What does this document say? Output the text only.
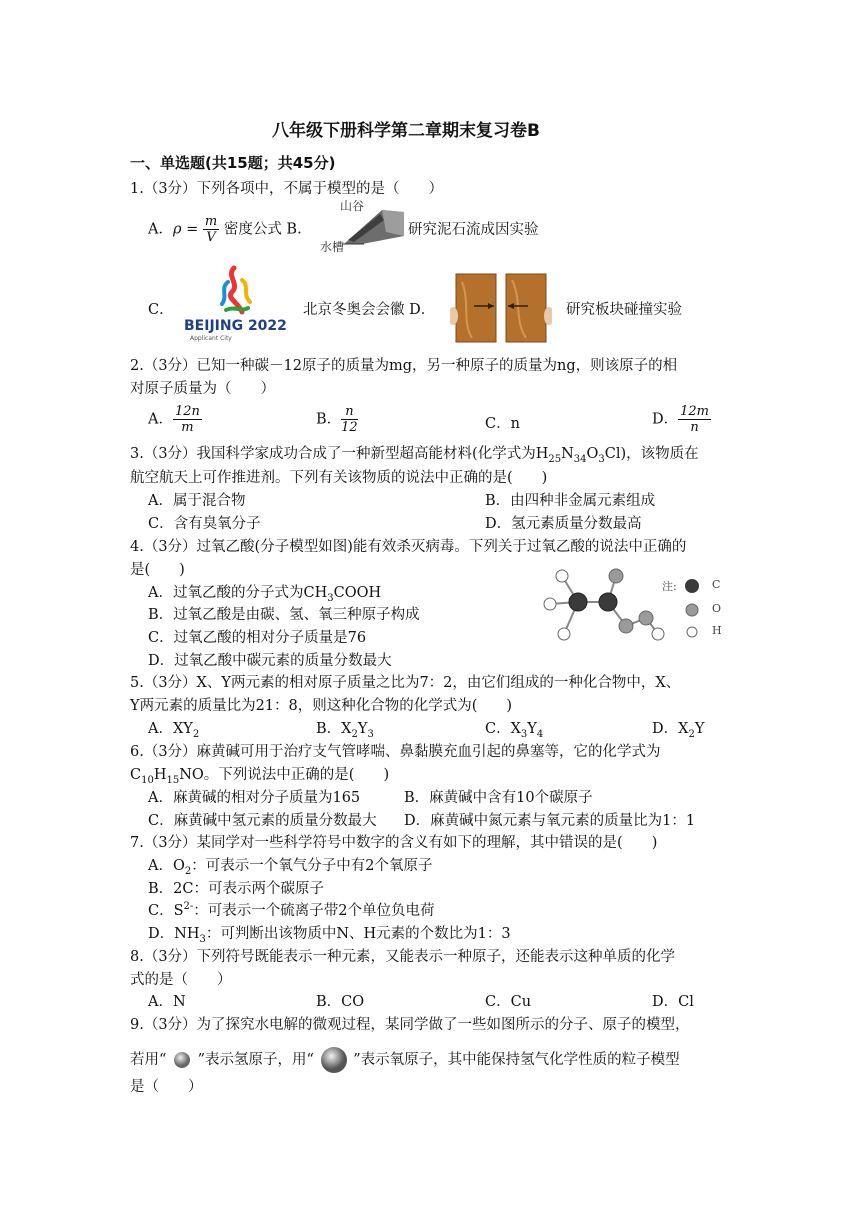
八年级下册科学第二章期末复习卷B
一、单选题(共15题；共45分)
1.（3分）下列各项中，不属于模型的是（　　）
A．$\rho = \frac{m}{V}$ 密度公式 B.
山谷
水槽
研究泥石流成因实验
C．
BEIJING 2022
Applicant City
北京冬奥会会徽 D．	研究板块碰撞实验
2.（3分）已知一种碳－12原子的质量为mg，另一种原子的质量为ng，则该原子的相
对原子质量为（　　）
A． $\frac{12n}{m}$	B． $\frac{n}{12}$	C．n	D． $\frac{12m}{n}$
3.（3分）我国科学家成功合成了一种新型超高能材料(化学式为$H_{25}N_{34}O_3Cl$)，该物质在
航空航天上可作推进剂。下列有关该物质的说法中正确的是(　　)
A．属于混合物	B．由四种非金属元素组成
C．含有臭氧分子	D．氢元素质量分数最高
4.（3分）过氧乙酸(分子模型如图)能有效杀灭病毒。下列关于过氧乙酸的说法中正确的
是(　　)
A．过氧乙酸的分子式为$CH_3COOH$
B．过氧乙酸是由碳、氢、氧三种原子构成
C．过氧乙酸的相对分子质量是76
D．过氧乙酸中碳元素的质量分数最大
注:	C
O
H
5.（3分）X、Y两元素的相对原子质量之比为7：2，由它们组成的一种化合物中，X、
Y两元素的质量比为21：8，则这种化合物的化学式为(　　)
A．$XY_2$	B．$X_2Y_3$	C．$X_3Y_4$	D．$X_2Y$
6.（3分）麻黄碱可用于治疗支气管哮喘、鼻黏膜充血引起的鼻塞等，它的化学式为
$C_{10}H_{15}NO$。下列说法中正确的是(　　)
A．麻黄碱的相对分子质量为165	B．麻黄碱中含有10个碳原子
C．麻黄碱中氢元素的质量分数最大 D．麻黄碱中氮元素与氧元素的质量比为1：1
7.（3分）某同学对一些科学符号中数字的含义有如下的理解，其中错误的是(　　)
A．$O_2$：可表示一个氧气分子中有2个氧原子
B．2C：可表示两个碳原子
C．$S^{2-}$：可表示一个硫离子带2个单位负电荷
D．$NH_3$：可判断出该物质中N、H元素的个数比为1：3
8.（3分）下列符号既能表示一种元素，又能表示一种原子，还能表示这种单质的化学
式的是（　　）
A．N	B．CO	C．Cu	D．Cl
9.（3分）为了探究水电解的微观过程，某同学做了一些如图所示的分子、原子的模型，
若用“ ”表示氢原子，用“	”表示氧原子，其中能保持氢气化学性质的粒子模型
是（　　）
